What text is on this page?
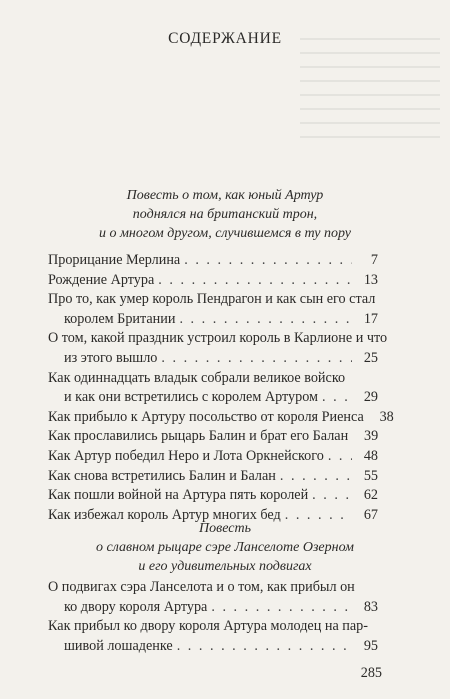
СОДЕРЖАНИЕ
Повесть о том, как юный Артур
поднялся на британский трон,
и о многом другом, случившемся в ту пору
Прорицание Мерлина . . .	7
Рождение Артура . . .	13
Про то, как умер король Пендрагон и как сын его стал
королем Британии . . .	17
О том, какой праздник устроил король в Карлионе и что
из этого вышло . . .	25
Как одиннадцать владык собрали великое войско
и как они встретились с королем Артуром . . .	29
Как прибыло к Артуру посольство от короля Риенса	38
Как прославились рыцарь Балин и брат его Балан	39
Как Артур победил Неро и Лота Оркнейского . . .	48
Как снова встретились Балин и Балан . . .	55
Как пошли войной на Артура пять королей . . .	62
Как избежал король Артур многих бед . . .	67
Повесть
о славном рыцаре сэре Ланселоте Озерном
и его удивительных подвигах
О подвигах сэра Ланселота и о том, как прибыл он
ко двору короля Артура . . .	83
Как прибыл ко двору короля Артура молодец на пар-
шивой лошаденке . . .	95
285
